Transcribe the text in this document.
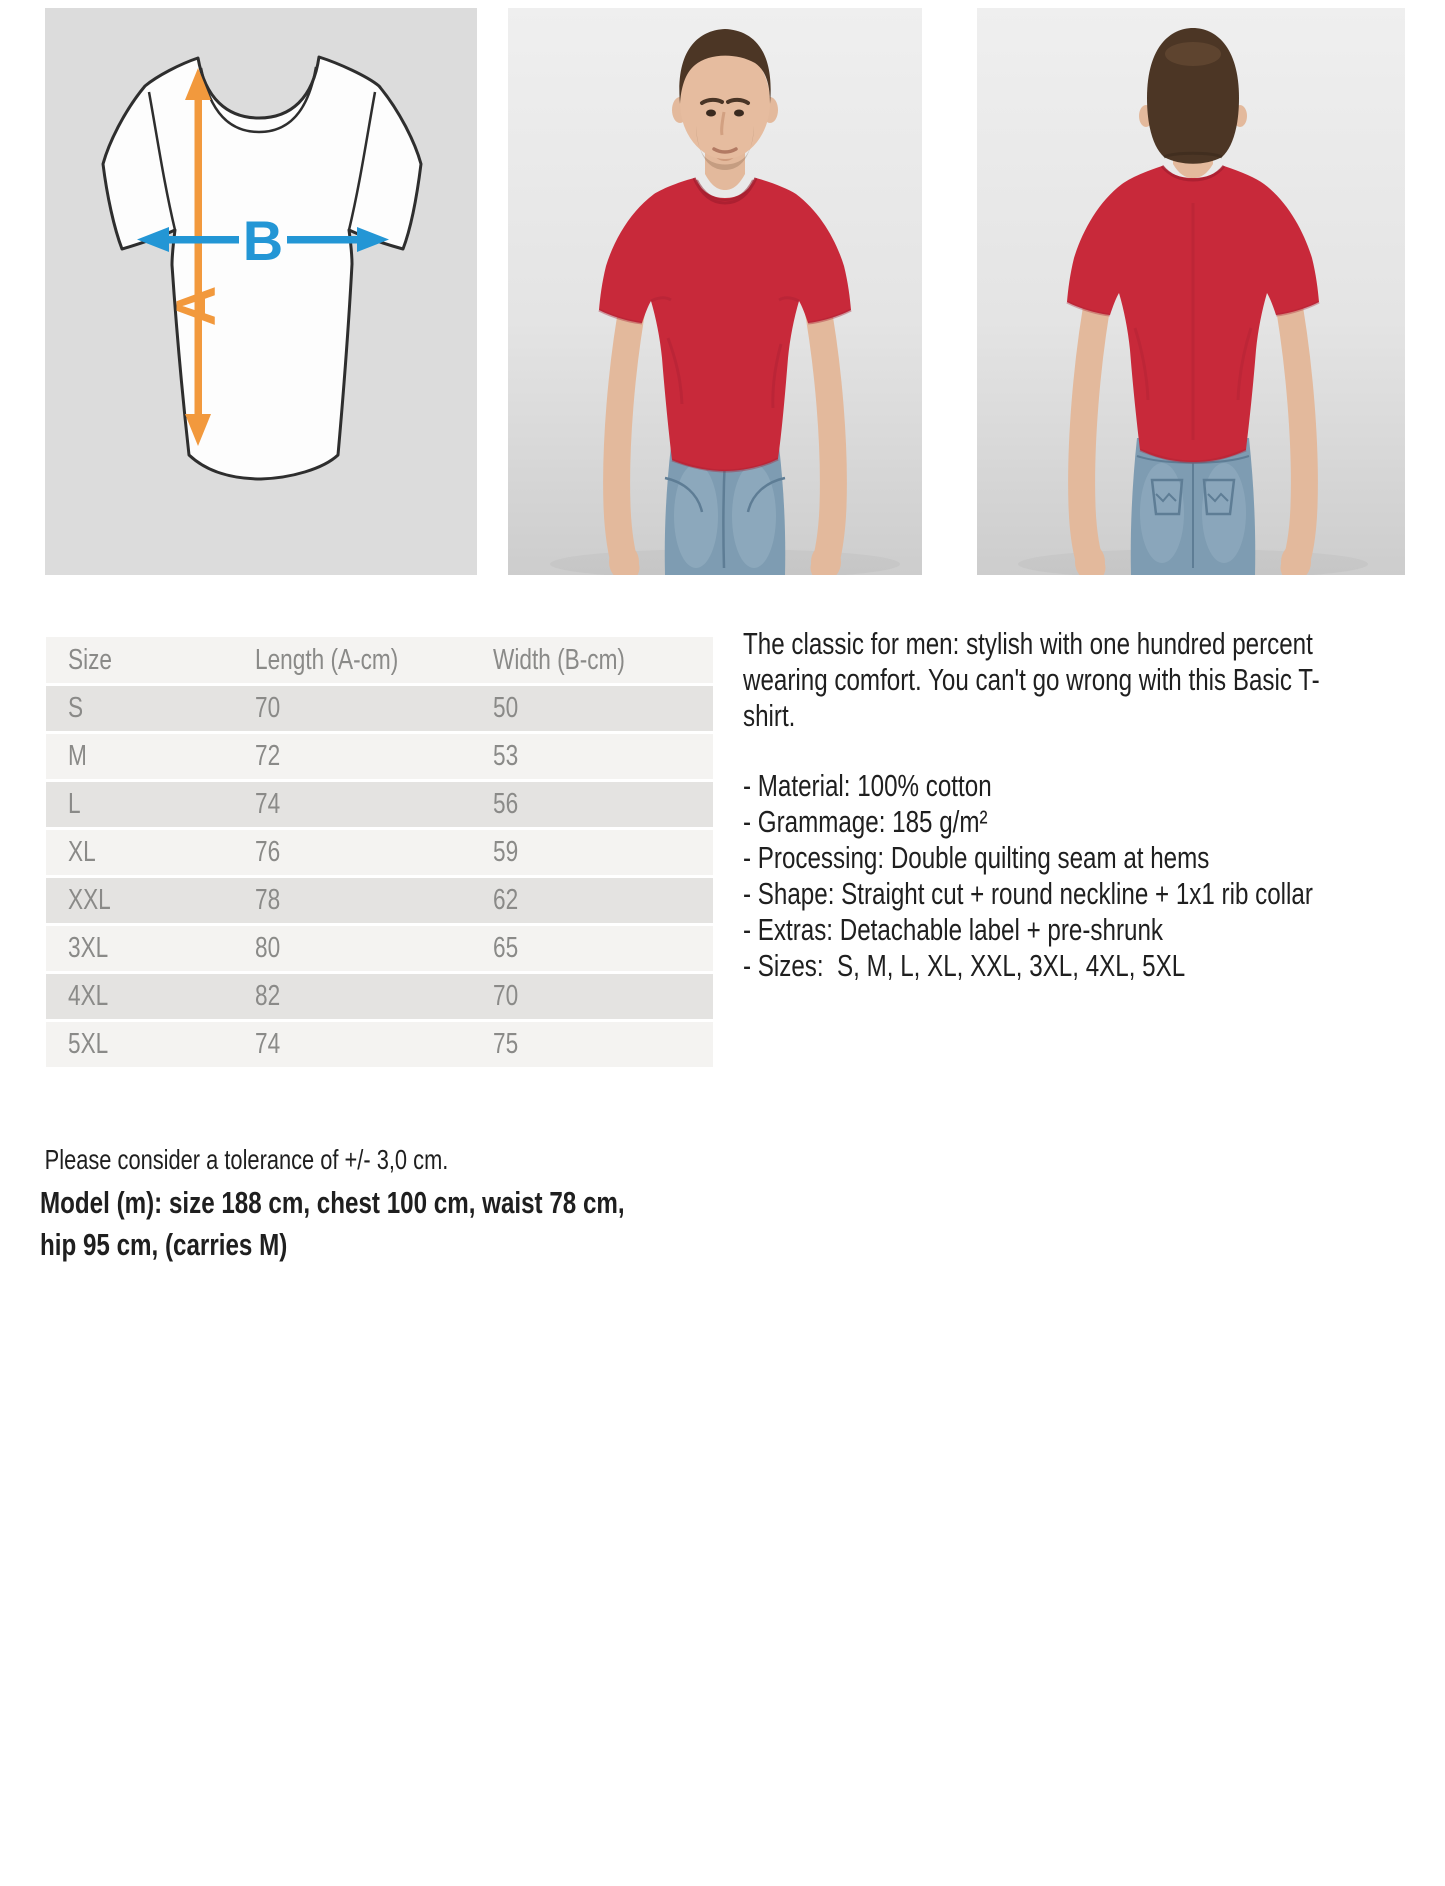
A
B
Size	Length (A-cm)	Width (B-cm)
S	70	50
M	72	53
L	74	56
XL	76	59
XXL	78	62
3XL	80	65
4XL	82	70
5XL	74	75

The classic for men: stylish with one hundred percent wearing comfort. You can't go wrong with this Basic T-shirt.

- Material: 100% cotton
- Grammage: 185 g/m²
- Processing: Double quilting seam at hems
- Shape: Straight cut + round neckline + 1x1 rib collar
- Extras: Detachable label + pre-shrunk
- Sizes:  S, M, L, XL, XXL, 3XL, 4XL, 5XL
Please consider a tolerance of +/- 3,0 cm.
Model (m): size 188 cm, chest 100 cm, waist 78 cm, hip 95 cm, (carries M)
